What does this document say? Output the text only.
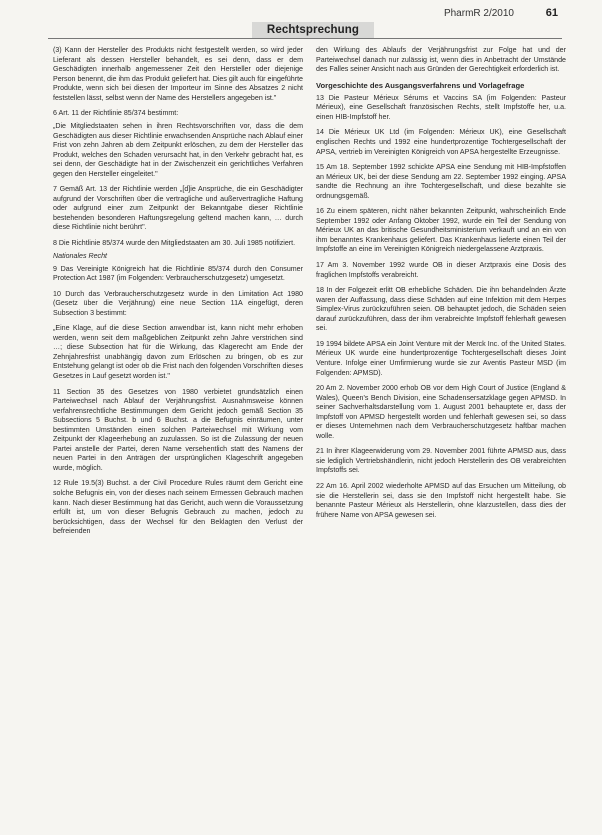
Rechtsprechung
PharmR 2/2010	61

(3) Kann der Hersteller des Produkts nicht festgestellt werden, so wird jeder Lieferant als dessen Hersteller behandelt, es sei denn, dass er dem Geschädigten innerhalb angemessener Zeit den Hersteller oder diejenige Person benennt, die ihm das Produkt geliefert hat. Dies gilt auch für eingeführte Produkte, wenn sich bei diesen der Importeur im Sinne des Absatzes 2 nicht feststellen lässt, selbst wenn der Name des Herstellers angegeben ist."

6 Art. 11 der Richtlinie 85/374 bestimmt:

„Die Mitgliedstaaten sehen in ihren Rechtsvorschriften vor, dass die dem Geschädigten aus dieser Richtlinie erwachsenden Ansprüche nach Ablauf einer Frist von zehn Jahren ab dem Zeitpunkt erlöschen, zu dem der Hersteller das Produkt, welches den Schaden verursacht hat, in den Verkehr gebracht hat, es sei denn, der Geschädigte hat in der Zwischenzeit ein gerichtliches Verfahren gegen den Hersteller eingeleitet."

7 Gemäß Art. 13 der Richtlinie werden „[d]ie Ansprüche, die ein Geschädigter aufgrund der Vorschriften über die vertragliche und außervertragliche Haftung oder aufgrund einer zum Zeitpunkt der Bekanntgabe dieser Richtlinie bestehenden besonderen Haftungsregelung geltend machen kann, … durch diese Richtlinie nicht berührt".

8 Die Richtlinie 85/374 wurde den Mitgliedstaaten am 30. Juli 1985 notifiziert.

Nationales Recht

9 Das Vereinigte Königreich hat die Richtlinie 85/374 durch den Consumer Protection Act 1987 (im Folgenden: Verbraucherschutzgesetz) umgesetzt.

10 Durch das Verbraucherschutzgesetz wurde in den Limitation Act 1980 (Gesetz über die Verjährung) eine neue Section 11A eingefügt, deren Subsection 3 bestimmt:

„Eine Klage, auf die diese Section anwendbar ist, kann nicht mehr erhoben werden, wenn seit dem maßgeblichen Zeitpunkt zehn Jahre verstrichen sind …; diese Subsection hat für die Wirkung, das Klagerecht am Ende der Zehnjahresfrist unabhängig davon zum Erlöschen zu bringen, ob es zur Entstehung gelangt ist oder ob die Frist nach den folgenden Vorschriften dieses Gesetzes in Lauf gesetzt worden ist."

11 Section 35 des Gesetzes von 1980 verbietet grundsätzlich einen Parteiwechsel nach Ablauf der Verjährungsfrist. Ausnahmsweise können verfahrensrechtliche Bestimmungen dem Gericht jedoch gemäß Section 35 Subsections 5 Buchst. b und 6 Buchst. a die Befugnis einräumen, unter bestimmten Umständen einen solchen Parteiwechsel mit Wirkung vom Zeitpunkt der Klageerhebung an zuzulassen. So ist die Zulassung der neuen Partei anstelle der Partei, deren Name versehentlich statt des Namens der neuen Partei in den Anträgen der ursprünglichen Klageschrift angegeben wurde, möglich.

12 Rule 19.5(3) Buchst. a der Civil Procedure Rules räumt dem Gericht eine solche Befugnis ein, von der dieses nach seinem Ermessen Gebrauch machen kann. Nach dieser Bestimmung hat das Gericht, auch wenn die Voraussetzung erfüllt ist, um von dieser Befugnis Gebrauch zu machen, jedoch zu berücksichtigen, dass der Wechsel für den Beklagten den Verlust der befreienden

den Wirkung des Ablaufs der Verjährungsfrist zur Folge hat und der Parteiwechsel danach nur zulässig ist, wenn dies in Anbetracht der Umstände des Falles seiner Ansicht nach aus Gründen der Gerechtigkeit erforderlich ist.

Vorgeschichte des Ausgangsverfahrens und Vorlagefrage

13 Die Pasteur Mérieux Sérums et Vaccins SA (im Folgenden: Pasteur Mérieux), eine Gesellschaft französischen Rechts, stellt Impfstoffe her, u.a. einen HIB-Impfstoff her.

14 Die Mérieux UK Ltd (im Folgenden: Mérieux UK), eine Gesellschaft englischen Rechts und 1992 eine hundertprozentige Tochtergesellschaft der APSA, vertrieb im Vereinigten Königreich von APSA hergestellte Erzeugnisse.

15 Am 18. September 1992 schickte APSA eine Sendung mit HIB-Impfstoffen an Mérieux UK, bei der diese Sendung am 22. September 1992 einging. APSA sandte die Rechnung an ihre Tochtergesellschaft, und diese bezahlte sie ordnungsgemäß.

16 Zu einem späteren, nicht näher bekannten Zeitpunkt, wahrscheinlich Ende September 1992 oder Anfang Oktober 1992, wurde ein Teil der Sendung von Mérieux UK an das britische Gesundheitsministerium verkauft und an ein von ihm benanntes Krankenhaus geliefert. Das Krankenhaus lieferte einen Teil der Impfstoffe an eine im Vereinigten Königreich niedergelassene Arztpraxis.

17 Am 3. November 1992 wurde OB in dieser Arztpraxis eine Dosis des fraglichen Impfstoffs verabreicht.

18 In der Folgezeit erlitt OB erhebliche Schäden. Die ihn behandelnden Ärzte waren der Auffassung, dass diese Schäden auf eine Infektion mit dem Herpes Simplex-Virus zurückzuführen seien. OB behauptet jedoch, die Schäden seien darauf zurückzuführen, dass der ihm verabreichte Impfstoff fehlerhaft gewesen sei.

19 1994 bildete APSA ein Joint Venture mit der Merck Inc. of the United States. Mérieux UK wurde eine hundertprozentige Tochtergesellschaft dieses Joint Venture. Infolge einer Umfirmierung wurde sie zur Aventis Pasteur MSD (im Folgenden: APMSD).

20 Am 2. November 2000 erhob OB vor dem High Court of Justice (England & Wales), Queen's Bench Division, eine Schadensersatzklage gegen APMSD. In seiner Sachverhaltsdarstellung vom 1. August 2001 behauptete er, dass der Impfstoff von APMSD hergestellt worden und fehlerhaft gewesen sei, so dass er dieses Unternehmen nach dem Verbraucherschutzgesetz haftbar machen wolle.

21 In ihrer Klageerwiderung vom 29. November 2001 führte APMSD aus, dass sie lediglich Vertriebshändlerin, nicht jedoch Herstellerin des OB verabreichten Impfstoffs sei.

22 Am 16. April 2002 wiederholte APMSD auf das Ersuchen um Mitteilung, ob sie die Herstellerin sei, dass sie den Impfstoff nicht hergestellt habe. Sie benannte Pasteur Mérieux als Herstellerin, ohne klarzustellen, dass dies der frühere Name von APSA gewesen sei.
